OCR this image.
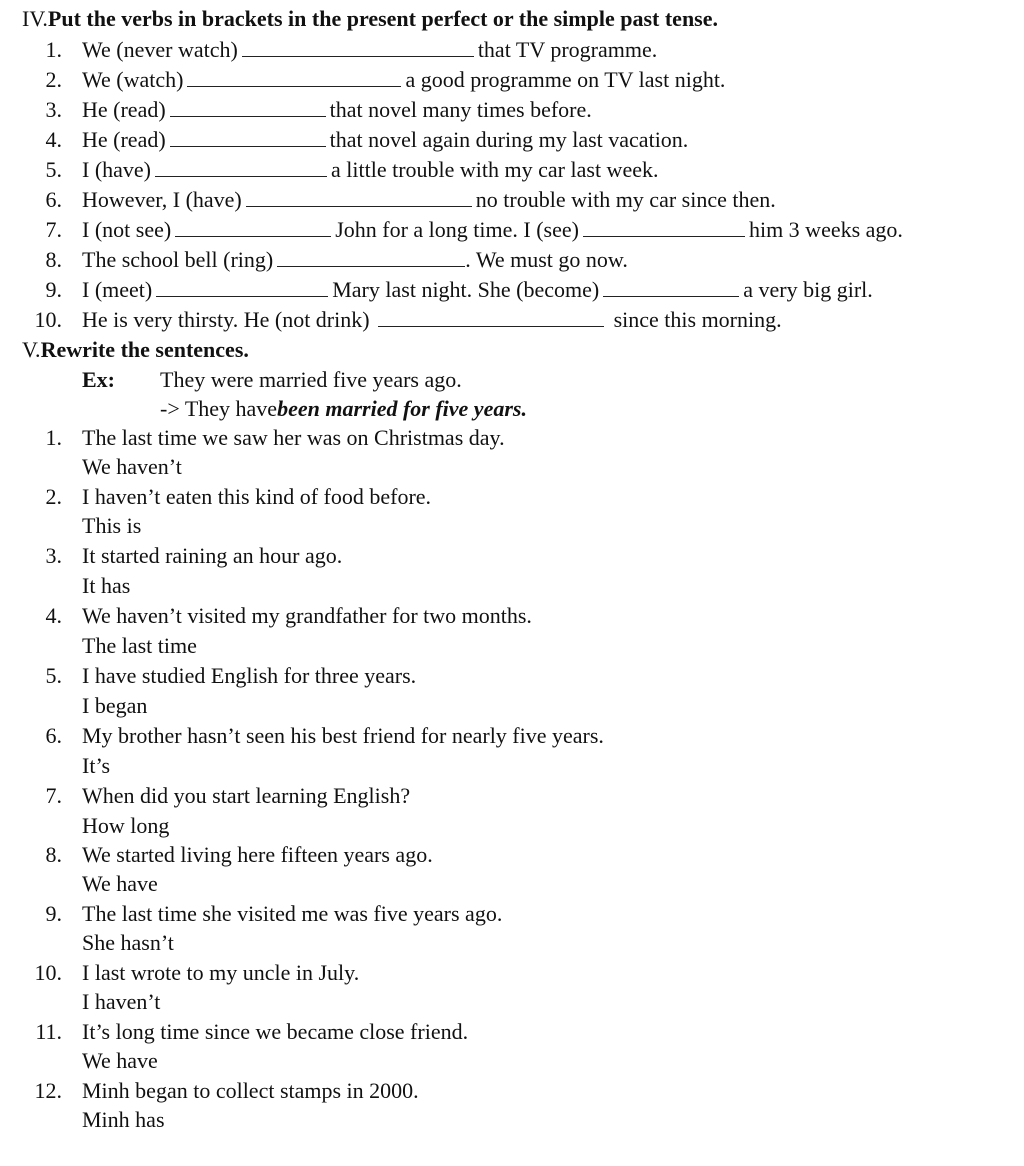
IV.Put the verbs in brackets in the present perfect or the simple past tense.
1. We (never watch)	that TV programme.
2. We (watch)	a good programme on TV last night.
3. He (read)	that novel many times before.
4. He (read)	that novel again during my last vacation.
5. I (have)	a little trouble with my car last week.
6. However, I (have)	no trouble with my car since then.
7. I (not see)	John for a long time. I (see)	him 3 weeks ago.
8. The school bell (ring)	. We must go now.
9. I (meet)	Mary last night. She (become)	a very big girl.
10. He is very thirsty. He (not drink)	since this morning.
V.Rewrite the sentences.
Ex: They were married five years ago.
-> They havebeen married for five years.
1. The last time we saw her was on Christmas day.
We haven’t
2. I haven’t eaten this kind of food before.
This is
3. It started raining an hour ago.
It has
4. We haven’t visited my grandfather for two months.
The last time
5. I have studied English for three years.
I began
6. My brother hasn’t seen his best friend for nearly five years.
It’s
7. When did you start learning English?
How long
8. We started living here fifteen years ago.
We have
9. The last time she visited me was five years ago.
She hasn’t
10. I last wrote to my uncle in July.
I haven’t
11. It’s long time since we became close friend.
We have
12. Minh began to collect stamps in 2000.
Minh has
